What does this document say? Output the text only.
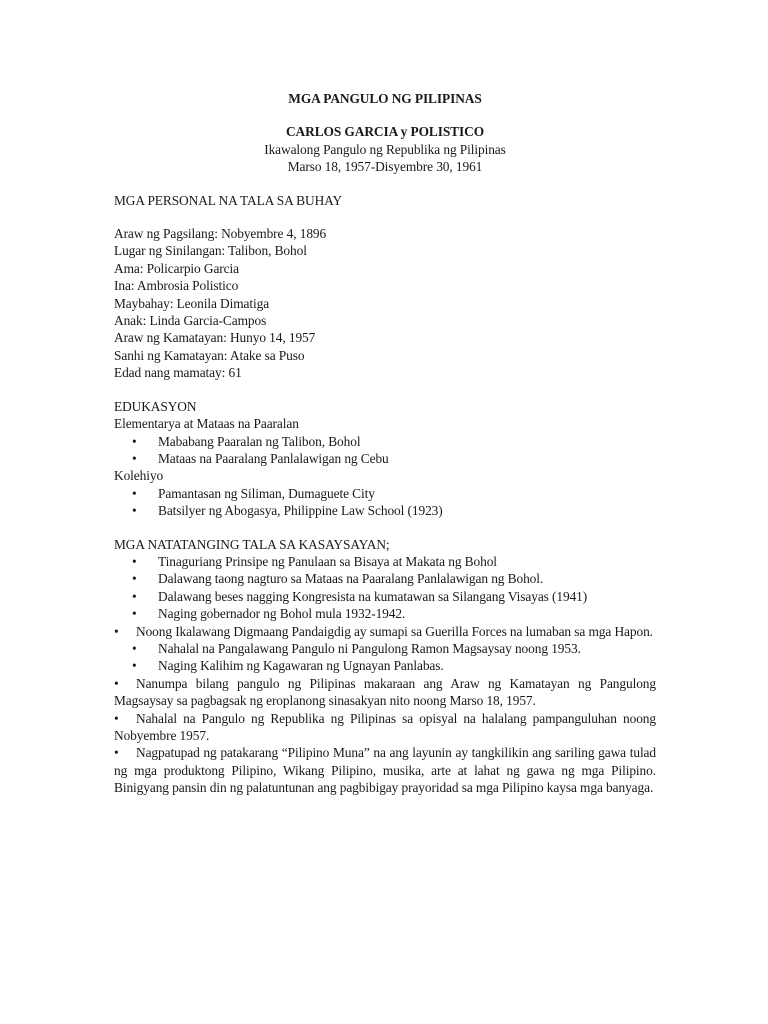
MGA PANGULO NG PILIPINAS

CARLOS GARCIA y POLISTICO

Ikawalong Pangulo ng Republika ng Pilipinas

Marso 18, 1957-Disyembre 30, 1961

MGA PERSONAL NA TALA SA BUHAY

Araw ng Pagsilang: Nobyembre 4, 1896

Lugar ng Sinilangan: Talibon, Bohol

Ama: Policarpio Garcia

Ina: Ambrosia Polistico

Maybahay: Leonila Dimatiga

Anak: Linda Garcia-Campos

Araw ng Kamatayan: Hunyo 14, 1957

Sanhi ng Kamatayan: Atake sa Puso

Edad nang mamatay: 61

EDUKASYON

Elementarya at Mataas na Paaralan

• Mababang Paaralan ng Talibon, Bohol
• Mataas na Paaralang Panlalawigan ng Cebu

Kolehiyo

• Pamantasan ng Siliman, Dumaguete City
• Batsilyer ng Abogasya, Philippine Law School (1923)

MGA NATATANGING TALA SA KASAYSAYAN;

• Tinaguriang Prinsipe ng Panulaan sa Bisaya at Makata ng Bohol
• Dalawang taong nagturo sa Mataas na Paaralang Panlalawigan ng Bohol.
• Dalawang beses nagging Kongresista na kumatawan sa Silangang Visayas (1941)
• Naging gobernador ng Bohol mula 1932-1942.

• Noong Ikalawang Digmaang Pandaigdig ay sumapi sa Guerilla Forces na lumaban sa mga Hapon.

• Nahalal na Pangalawang Pangulo ni Pangulong Ramon Magsaysay noong 1953.
• Naging Kalihim ng Kagawaran ng Ugnayan Panlabas.

• Nanumpa bilang pangulo ng Pilipinas makaraan ang Araw ng Kamatayan ng Pangulong Magsaysay sa pagbagsak ng eroplanong sinasakyan nito noong Marso 18, 1957.

• Nahalal na Pangulo ng Republika ng Pilipinas sa opisyal na halalang pampanguluhan noong Nobyembre 1957.

• Nagpatupad ng patakarang “Pilipino Muna” na ang layunin ay tangkilikin ang sariling gawa tulad ng mga produktong Pilipino, Wikang Pilipino, musika, arte at lahat ng gawa ng mga Pilipino. Binigyang pansin din ng palatuntunan ang pagbibigay prayoridad sa mga Pilipino kaysa mga banyaga.
